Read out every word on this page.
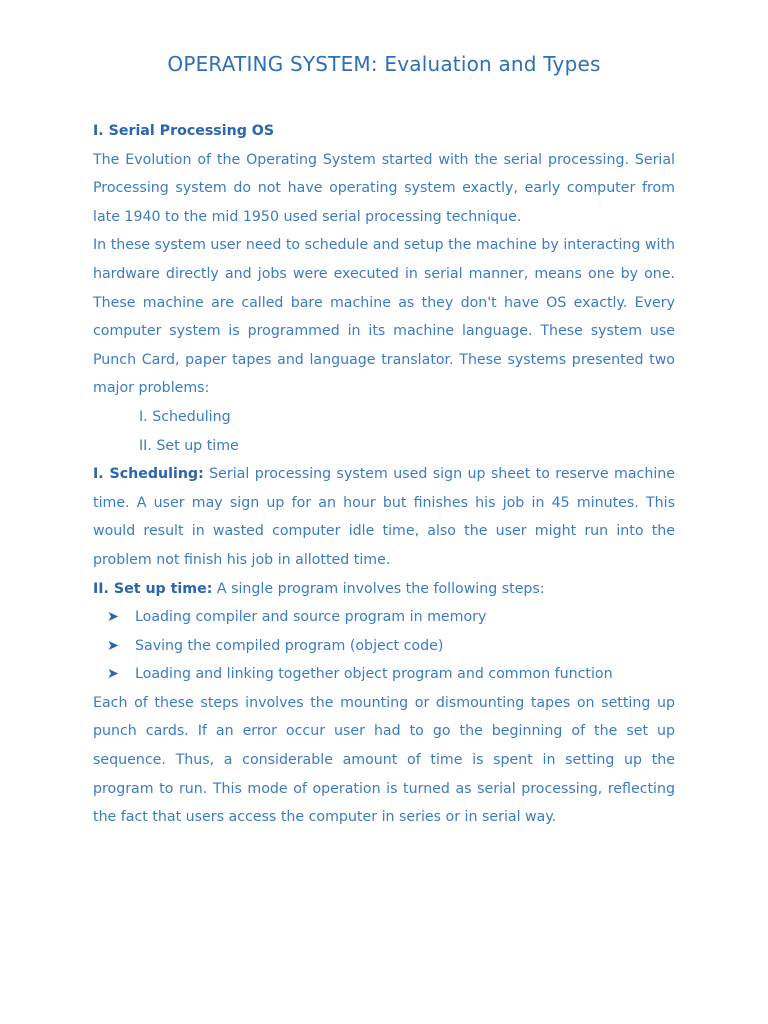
OPERATING SYSTEM: Evaluation and Types

I. Serial Processing OS

The Evolution of the Operating System started with the serial processing. Serial Processing system do not have operating system exactly, early computer from late 1940 to the mid 1950 used serial processing technique.

In these system user need to schedule and setup the machine by interacting with hardware directly and jobs were executed in serial manner, means one by one. These machine are called bare machine as they don't have OS exactly. Every computer system is programmed in its machine language. These system use Punch Card, paper tapes and language translator. These systems presented two major problems:

I. Scheduling

II. Set up time

I. Scheduling: Serial processing system used sign up sheet to reserve machine time. A user may sign up for an hour but finishes his job in 45 minutes. This would result in wasted computer idle time, also the user might run into the problem not finish his job in allotted time.

II. Set up time: A single program involves the following steps:

➤	Loading compiler and source program in memory
➤	Saving the compiled program (object code)
➤	Loading and linking together object program and common function

Each of these steps involves the mounting or dismounting tapes on setting up punch cards. If an error occur user had to go the beginning of the set up sequence. Thus, a considerable amount of time is spent in setting up the program to run. This mode of operation is turned as serial processing, reflecting the fact that users access the computer in series or in serial way.
